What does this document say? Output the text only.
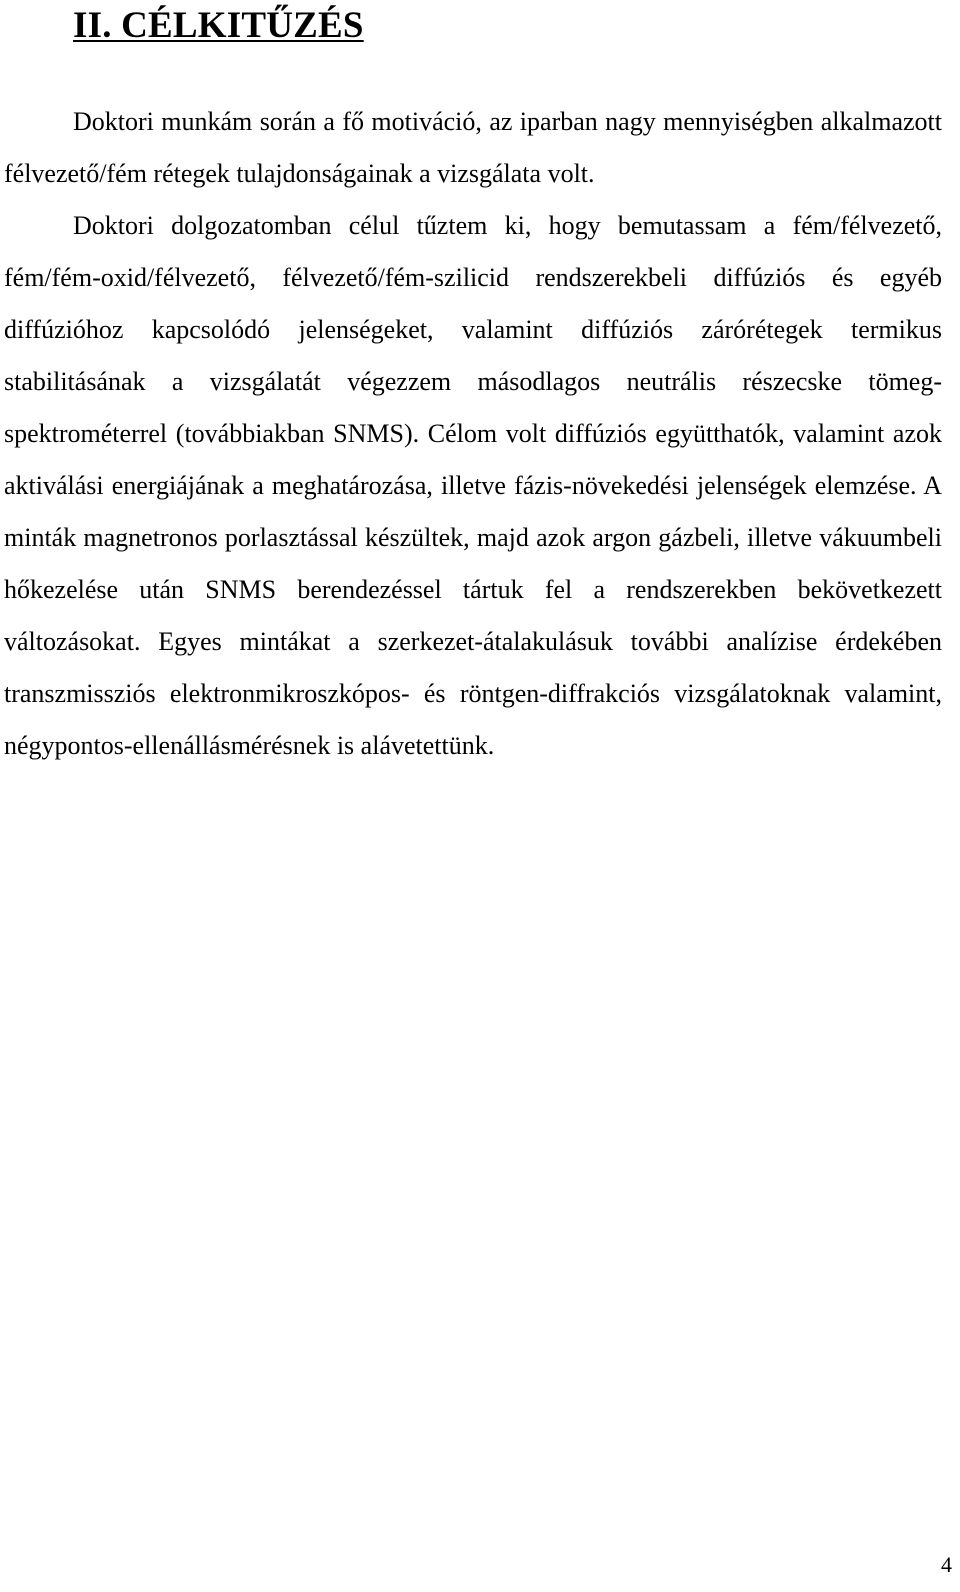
II. CÉLKITŰZÉS

Doktori munkám során a fő motiváció, az iparban nagy mennyiségben alkalmazott félvezető/fém rétegek tulajdonságainak a vizsgálata volt.

Doktori dolgozatomban célul tűztem ki, hogy bemutassam a fém/félvezető, fém/fém-oxid/félvezető, félvezető/fém-szilicid rendszerekbeli diffúziós és egyéb diffúzióhoz kapcsolódó jelenségeket, valamint diffúziós zárórétegek termikus stabilitásának a vizsgálatát végezzem másodlagos neutrális részecske tömeg-spektrométerrel (továbbiakban SNMS). Célom volt diffúziós együtthatók, valamint azok aktiválási energiájának a meghatározása, illetve fázis-növekedési jelenségek elemzése. A minták magnetronos porlasztással készültek, majd azok argon gázbeli, illetve vákuumbeli hőkezelése után SNMS berendezéssel tártuk fel a rendszerekben bekövetkezett változásokat. Egyes mintákat a szerkezet-átalakulásuk további analízise érdekében transzmissziós elektronmikroszkópos- és röntgen-diffrakciós vizsgálatoknak valamint, négypontos-ellenállásmérésnek is alávetettünk.

4
